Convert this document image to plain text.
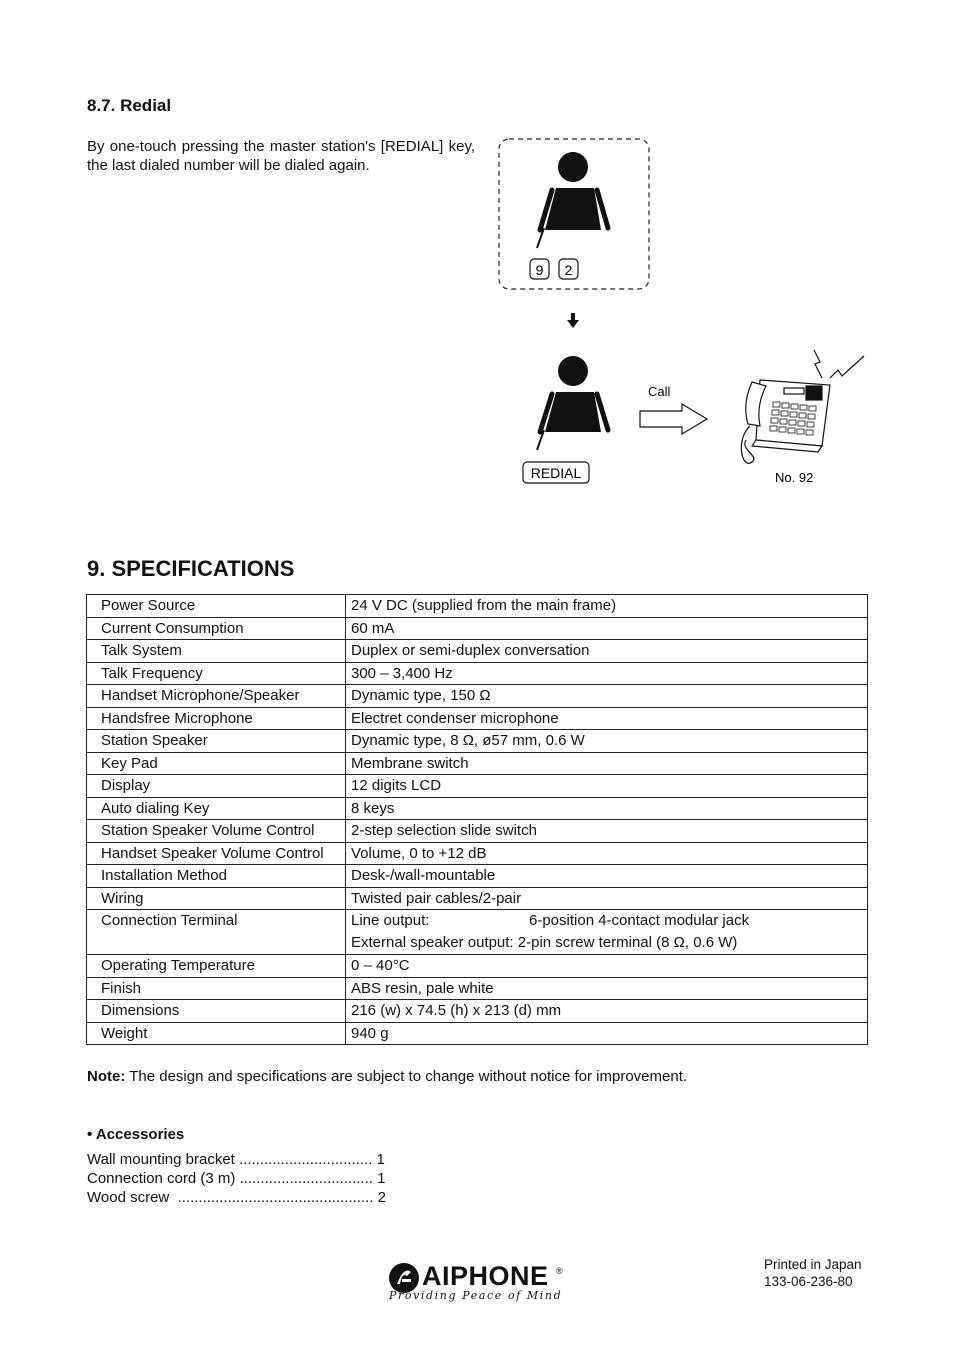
8.7. Redial

By one-touch pressing the master station's [REDIAL] key, the last dialed number will be dialed again.

9 2
REDIAL
Call
No. 92
9. SPECIFICATIONS
Power Source	24 V DC (supplied from the main frame)
Current Consumption	60 mA
Talk System	Duplex or semi-duplex conversation
Talk Frequency	300 – 3,400 Hz
Handset Microphone/Speaker	Dynamic type, 150 Ω
Handsfree Microphone	Electret condenser microphone
Station Speaker	Dynamic type, 8 Ω, ø57 mm, 0.6 W
Key Pad	Membrane switch
Display	12 digits LCD
Auto dialing Key	8 keys
Station Speaker Volume Control	2-step selection slide switch
Handset Speaker Volume Control	Volume, 0 to +12 dB
Installation Method	Desk-/wall-mountable
Wiring	Twisted pair cables/2-pair
Connection Terminal	Line output: 6-position 4-contact modular jack
External speaker output: 2-pin screw terminal (8 Ω, 0.6 W)

Operating Temperature	0 – 40°C
Finish	ABS resin, pale white
Dimensions	216 (w) x 74.5 (h) x 213 (d) mm
Weight	940 g

Note: The design and specifications are subject to change without notice for improvement.

• Accessories

Wall mounting bracket ................................ 1
Connection cord (3 m) ................................ 1
Wood screw  ............................................... 2
AIPHONE ®
Providing Peace of Mind
Printed in Japan
133-06-236-80
